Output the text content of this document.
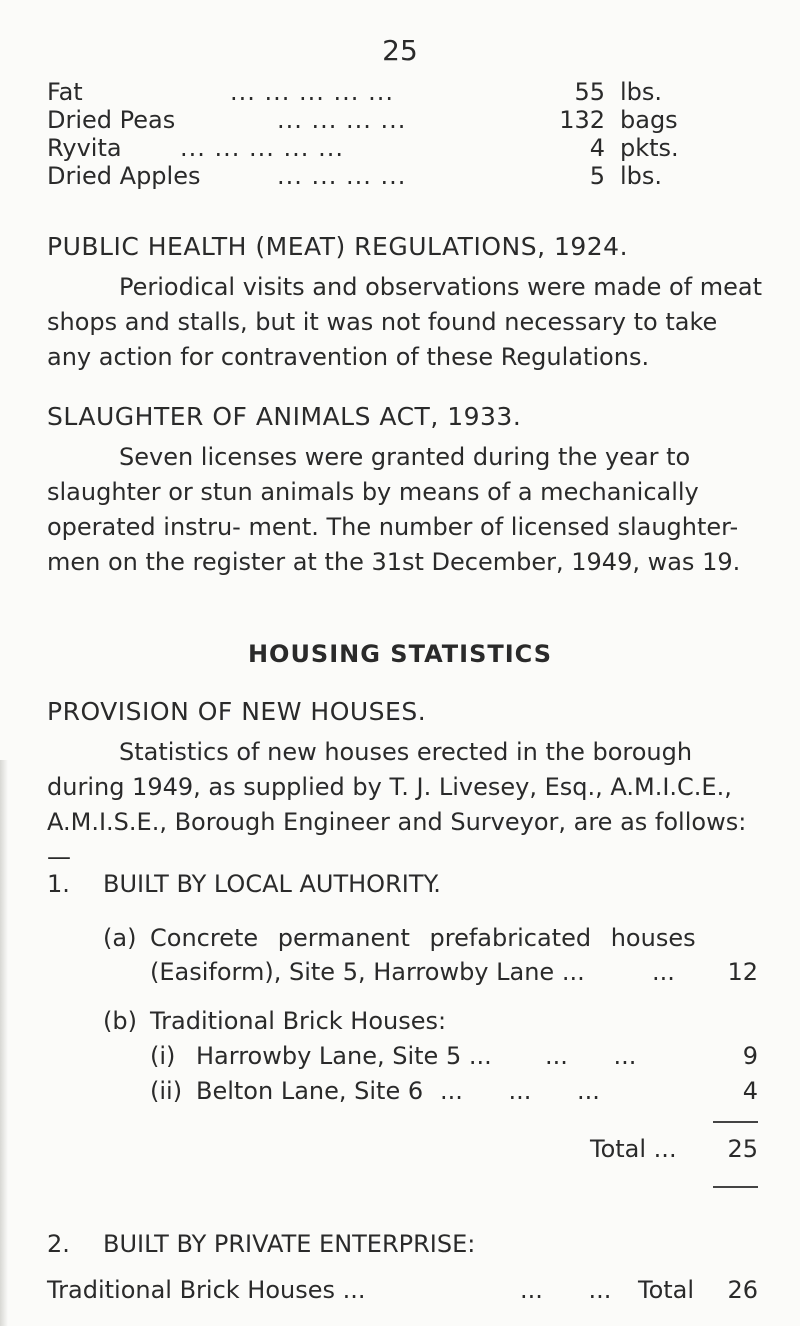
25
Fat	... ... ... ... ...	55 lbs.
Dried Peas	... ... ... ...	132 bags
Ryvita ... ... ... ... ...	4 pkts.
Dried Apples	... ... ... ...	5 lbs.
PUBLIC HEALTH (MEAT) REGULATIONS, 1924.
Periodical visits and observations were made of meat shops and stalls, but it was not found necessary to take any action for contravention of these Regulations.
SLAUGHTER OF ANIMALS ACT, 1933.
Seven licenses were granted during the year to slaughter or stun animals by means of a mechanically operated instru- ment. The number of licensed slaughter-men on the register at the 31st December, 1949, was 19.
HOUSING STATISTICS
PROVISION OF NEW HOUSES.
Statistics of new houses erected in the borough during 1949, as supplied by T. J. Livesey, Esq., A.M.I.C.E., A.M.I.S.E., Borough Engineer and Surveyor, are as follows:—
1. BUILT BY LOCAL AUTHORITY.
(a) Concrete permanent prefabricated houses
(Easiform), Site 5, Harrowby Lane ...	...	12
(b) Traditional Brick Houses:
(i) Harrowby Lane, Site 5 ... ... ...	9
(ii) Belton Lane, Site 6 ... ... ...	4
Total ...	25
2. BUILT BY PRIVATE ENTERPRISE:
Traditional Brick Houses ...	... ... Total	26
